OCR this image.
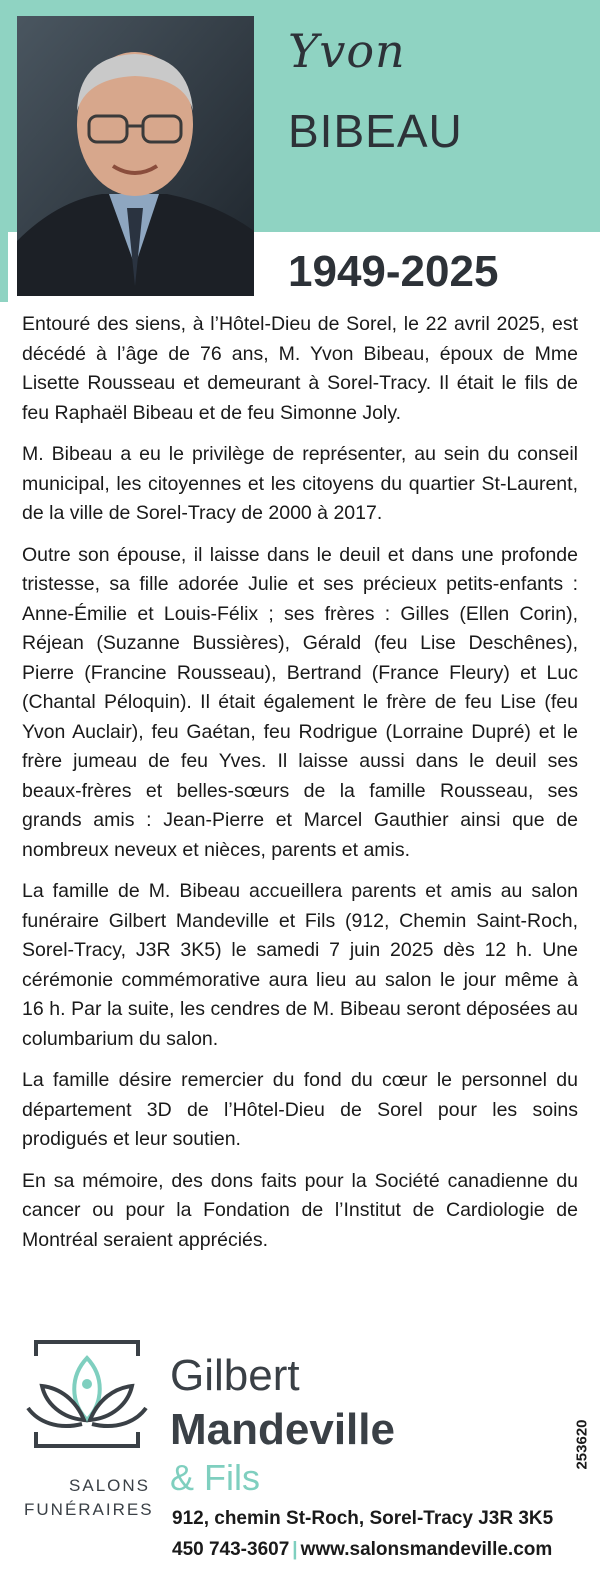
Yvon
BIBEAU
1949-2025

Entouré des siens, à l’Hôtel-Dieu de Sorel, le 22 avril 2025, est décédé à l’âge de 76 ans, M. Yvon Bibeau, époux de Mme Lisette Rousseau et demeurant à Sorel-Tracy. Il était le fils de feu Raphaël Bibeau et de feu Simonne Joly.

M. Bibeau a eu le privilège de représenter, au sein du conseil municipal, les citoyennes et les citoyens du quartier St-Laurent, de la ville de Sorel-Tracy de 2000 à 2017.

Outre son épouse, il laisse dans le deuil et dans une profonde tristesse, sa fille adorée Julie et ses précieux petits-enfants : Anne-Émilie et Louis-Félix ; ses frères : Gilles (Ellen Corin), Réjean (Suzanne Bussières), Gérald (feu Lise Deschênes), Pierre (Francine Rousseau), Bertrand (France Fleury) et Luc (Chantal Péloquin). Il était également le frère de feu Lise (feu Yvon Auclair), feu Gaétan, feu Rodrigue (Lorraine Dupré) et le frère jumeau de feu Yves. Il laisse aussi dans le deuil ses beaux-frères et belles-sœurs de la famille Rousseau, ses grands amis : Jean-Pierre et Marcel Gauthier ainsi que de nombreux neveux et nièces, parents et amis.

La famille de M. Bibeau accueillera parents et amis au salon funéraire Gilbert Mandeville et Fils (912, Chemin Saint-Roch, Sorel-Tracy, J3R 3K5) le samedi 7 juin 2025 dès 12 h. Une cérémonie commémorative aura lieu au salon le jour même à 16 h. Par la suite, les cendres de M. Bibeau seront déposées au columbarium du salon.

La famille désire remercier du fond du cœur le personnel du département 3D de l’Hôtel-Dieu de Sorel pour les soins prodigués et leur soutien.

En sa mémoire, des dons faits pour la Société canadienne du cancer ou pour la Fondation de l’Institut de Cardiologie de Montréal seraient appréciés.

Gilbert
Mandeville
& Fils
SALONS
FUNÉRAIRES 912, chemin St-Roch, Sorel-Tracy J3R 3K5
450 743-3607 | www.salonsmandeville.com
253620
